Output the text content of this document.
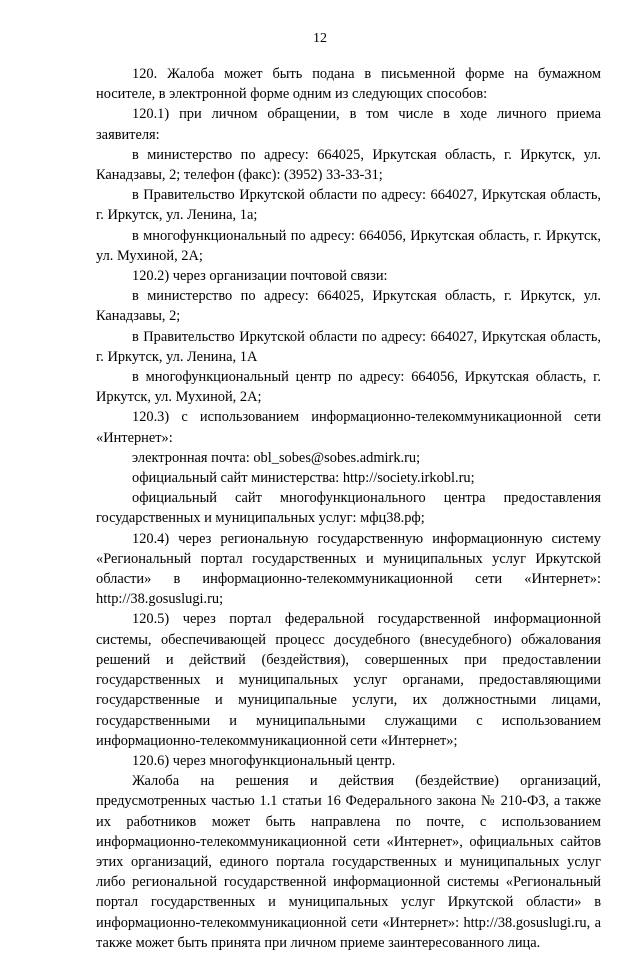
12

120. Жалоба может быть подана в письменной форме на бумажном носителе, в электронной форме одним из следующих способов:

120.1) при личном обращении, в том числе в ходе личного приема заявителя:

в министерство по адресу: 664025, Иркутская область, г. Иркутск, ул. Канадзавы, 2; телефон (факс): (3952) 33-33-31;

в Правительство Иркутской области по адресу: 664027, Иркутская область, г. Иркутск, ул. Ленина, 1а;

в многофункциональный по адресу: 664056, Иркутская область, г. Иркутск, ул. Мухиной, 2А;

120.2) через организации почтовой связи:

в министерство по адресу: 664025, Иркутская область, г. Иркутск, ул. Канадзавы, 2;

в Правительство Иркутской области по адресу: 664027, Иркутская область, г. Иркутск, ул. Ленина, 1А

в многофункциональный центр по адресу: 664056, Иркутская область, г. Иркутск, ул. Мухиной, 2А;

120.3) с использованием информационно-телекоммуникационной сети «Интернет»:

электронная почта: obl_sobes@sobes.admirk.ru;

официальный сайт министерства: http://society.irkobl.ru;

официальный сайт многофункционального центра предоставления государственных и муниципальных услуг: мфц38.рф;

120.4) через региональную государственную информационную систему «Региональный портал государственных и муниципальных услуг Иркутской области» в информационно-телекоммуникационной сети «Интернет»: http://38.gosuslugi.ru;

120.5) через портал федеральной государственной информационной системы, обеспечивающей процесс досудебного (внесудебного) обжалования решений и действий (бездействия), совершенных при предоставлении государственных и муниципальных услуг органами, предоставляющими государственные и муниципальные услуги, их должностными лицами, государственными и муниципальными служащими с использованием информационно-телекоммуникационной сети «Интернет»;

120.6) через многофункциональный центр.

Жалоба на решения и действия (бездействие) организаций, предусмотренных частью 1.1 статьи 16 Федерального закона № 210-ФЗ, а также их работников может быть направлена по почте, с использованием информационно-телекоммуникационной сети «Интернет», официальных сайтов этих организаций, единого портала государственных и муниципальных услуг либо региональной государственной информационной системы «Региональный портал государственных и муниципальных услуг Иркутской области» в информационно-телекоммуникационной сети «Интернет»: http://38.gosuslugi.ru, а также может быть принята при личном приеме заинтересованного лица.
